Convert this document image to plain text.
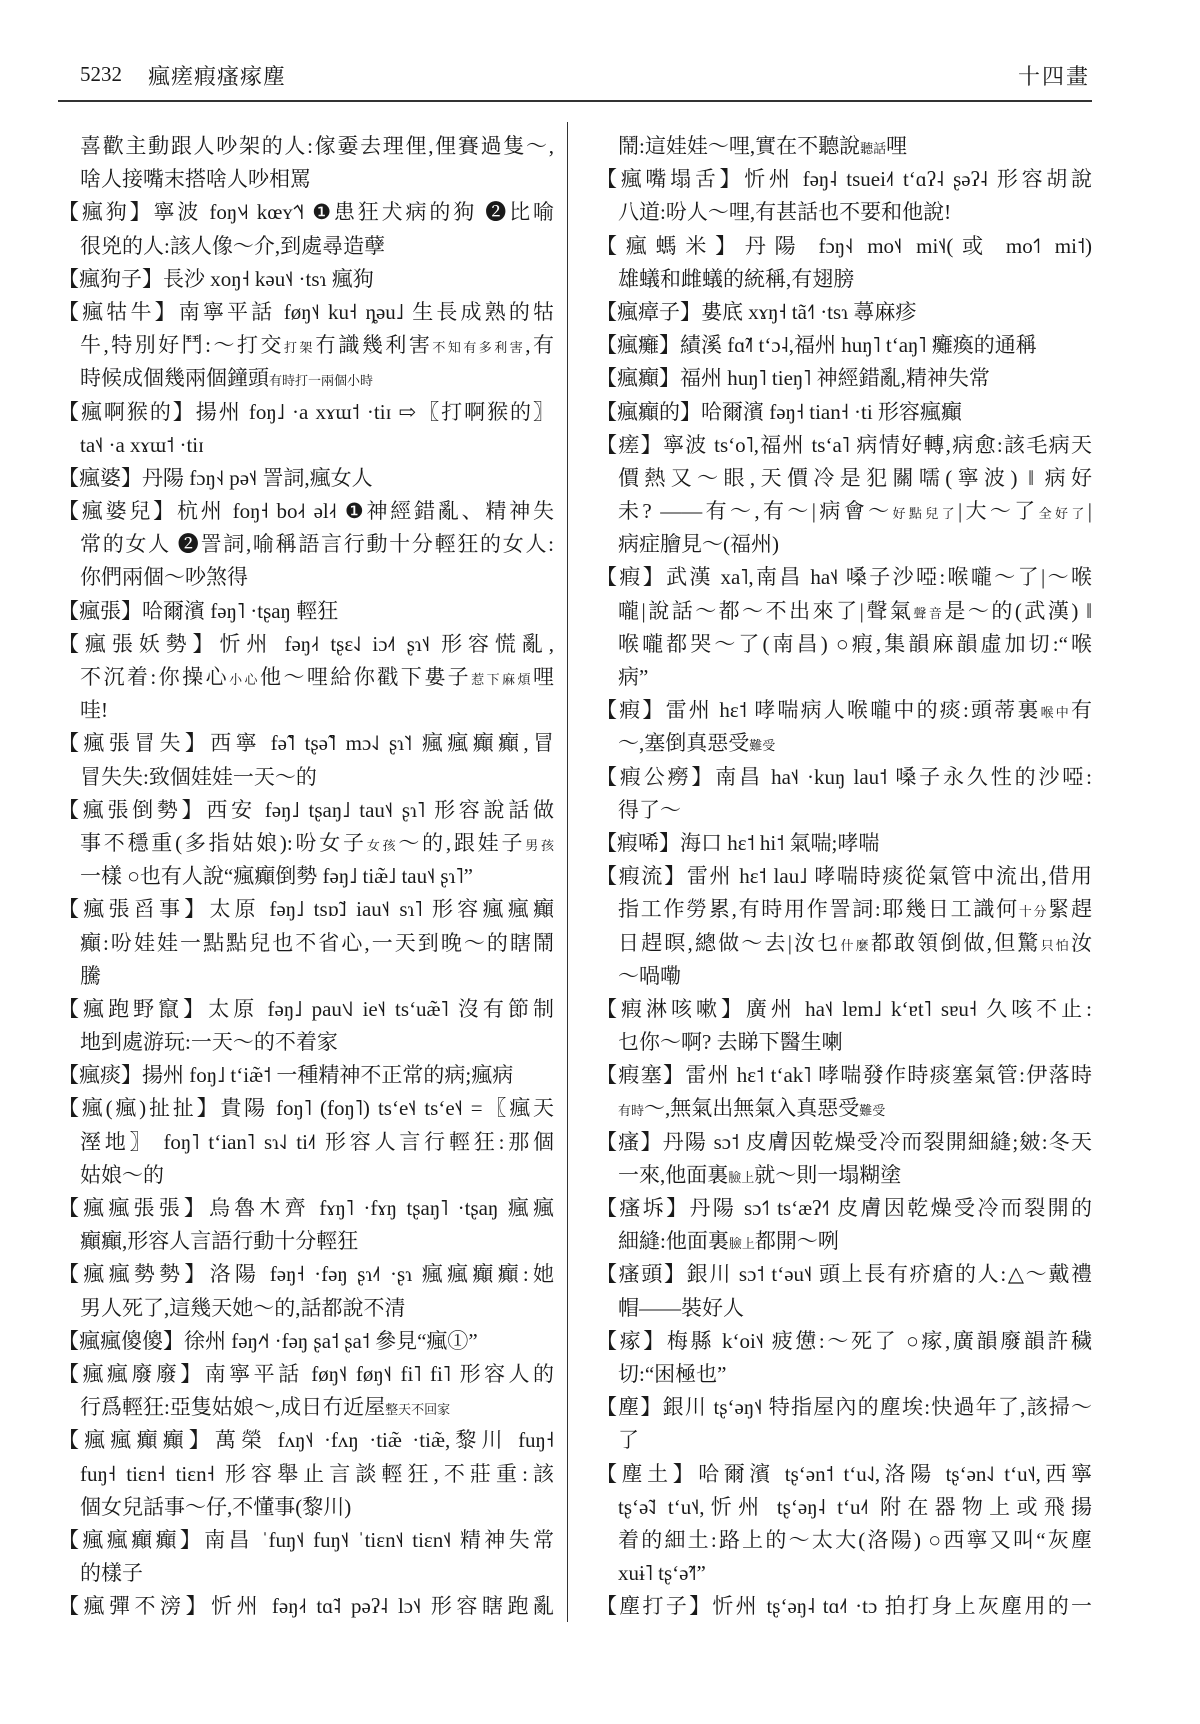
5232 瘋瘥瘕瘙瘃塵	十四畫
喜歡主動跟人吵架的人:傢嫑去理俚,俚賽過隻～,
啥人接嘴末搭啥人吵相罵
【瘋狗】寧波 foŋ˦˨˧ kœʏ˦˥˧ ❶患狂犬病的狗 ❷比喻
很兇的人:該人像～介,到處尋造孽
【瘋狗子】長沙 xoŋ˧ kəu˦˨ ·tsɿ 瘋狗
【瘋牯牛】南寧平話 føŋ˦˨ ku˧ ȵəu˩ 生長成熟的牯
牛,特別好鬥:～打交打架冇識幾利害不知有多利害,有
時候成個幾兩個鐘頭有時打一兩個小時
【瘋啊猴的】揚州 foŋ˩ ·a xɤɯ˦ ·tiɪ ⇨〖打啊猴的〗
ta˦˨ ·a xɤɯ˦ ·tiɪ
【瘋婆】丹陽 fɔŋ˧˨ pə˦˨ 詈詞,瘋女人
【瘋婆兒】杭州 foŋ˧ bo˨˧ əl˨˧ ❶神經錯亂、精神失
常的女人 ❷詈詞,喻稱語言行動十分輕狂的女人:
你們兩個～吵煞得
【瘋張】哈爾濱 fəŋ˥ ·tʂaŋ 輕狂
【瘋張妖勢】忻州 fəŋ˨˧ tʂɛ˨˩ iɔ˨˦ ʂɿ˦˨ 形容慌亂,
不沉着:你操心小心他～哩給你戳下婁子惹下麻煩哩
哇!
【瘋張冒失】西寧 fə̃˥ tʂə̃˥ mɔ˨˩ ʂɿ˥˦ 瘋瘋癲癲,冒
冒失失:致個娃娃一天～的
【瘋張倒勢】西安 fəŋ˩ tʂaŋ˩ tau˦˨ ʂɿ˥ 形容說話做
事不穩重(多指姑娘):吩女子女孩～的,跟娃子男孩
一樣 ○也有人說“瘋癲倒勢 fəŋ˩ tiæ̃˩ tau˦˨ ʂɿ˥”
【瘋張舀事】太原 fəŋ˩ tsɒ̃˩ iau˦˨ sɿ˥ 形容瘋瘋癲
癲:吩娃娃一點點兒也不省心,一天到晚～的瞎鬧
騰
【瘋跑野竄】太原 fəŋ˩ pau˦˨˩ ie˦˨ tsʻuæ̃˥ 沒有節制
地到處游玩:一天～的不着家
【瘋痰】揚州 foŋ˩ tʻiæ̃˦ 一種精神不正常的病;瘋病
【瘋(瘋)扯扯】貴陽 foŋ˥ (foŋ˥) tsʻe˦˨ tsʻe˦˨ =〖瘋天
溼地〗 foŋ˥ tʻian˥ sɿ˨˩ ti˨˦ 形容人言行輕狂:那個
姑娘～的
【瘋瘋張張】烏魯木齊 fɤŋ˥ ·fɤŋ tʂaŋ˥ ·tʂaŋ 瘋瘋
癲癲,形容人言語行動十分輕狂
【瘋瘋勢勢】洛陽 fəŋ˧ ·fəŋ ʂɿ˨˦ ·ʂɿ 瘋瘋癲癲:她
男人死了,這幾天她～的,話都說不清
【瘋瘋傻傻】徐州 fəŋ˨˦˧ ·fəŋ ʂa˦ ʂa˦ 參見“瘋①”
【瘋瘋廢廢】南寧平話 føŋ˦˨ føŋ˦˨ fi˥ fi˥ 形容人的
行爲輕狂:亞隻姑娘～,成日冇近屋整天不回家
【瘋瘋癲癲】萬榮 fʌŋ˦˨ ·fʌŋ ·tiæ̃ ·tiæ̃,黎川 fuŋ˧
fuŋ˧ tiɛn˧ tiɛn˧ 形容舉止言談輕狂,不莊重:該
個女兒話事～仔,不懂事(黎川)
【瘋瘋癲癲】南昌 ˈfuŋ˦˨ fuŋ˦˨ ˈtiɛn˦˨ tiɛn˦˨ 精神失常
的樣子
【瘋彈不滂】忻州 fəŋ˨˧ tɑ̃˨ pəʔ˨ lɔ˦˨ 形容瞎跑亂
鬧:這娃娃～哩,實在不聽說聽話哩
【瘋嘴塌舌】忻州 fəŋ˨ tsuei˨˦ tʻɑʔ˨ ʂəʔ˨ 形容胡說
八道:吩人～哩,有甚話也不要和他說!
【瘋螞米】丹陽 fɔŋ˧˨ mo˦˨ mi˦˨(或 mo˦˥ mi˦)
雄蟻和雌蟻的統稱,有翅膀
【瘋瘴子】婁底 xɤŋ˧ tã˧˥ ·tsɿ 蕁麻疹
【瘋癱】績溪 fɑ̃˨˥ tʻɔ˨,福州 huŋ˥ tʻaŋ˥ 癱瘓的通稱
【瘋癲】福州 huŋ˥ tieŋ˥ 神經錯亂,精神失常
【瘋癲的】哈爾濱 fəŋ˧ tian˧ ·ti 形容瘋癲
【瘥】寧波 tsʻo˥,福州 tsʻa˥ 病情好轉,病愈:該毛病天
價熱又～眼,天價冷是犯關嚅(寧波) ‖ 病好
未? ——有～,有～|病會～好點兒了|大～了全好了|
病症膾見～(福州)
【瘕】武漢 xa˥,南昌 ha˦˨ 嗓子沙啞:喉嚨～了|～喉
嚨|說話～都～不出來了|聲氣聲音是～的(武漢) ‖
喉嚨都哭～了(南昌) ○瘕,集韻麻韻虛加切:“喉
病”
【瘕】雷州 hɛ˦ 哮喘病人喉嚨中的痰:頭蒂裏喉中有
～,塞倒真惡受難受
【瘕公癆】南昌 ha˦˨ ·kuŋ lau˦ 嗓子永久性的沙啞:
得了～
【瘕唏】海口 hɛ˦ hi˦ 氣喘;哮喘
【瘕流】雷州 hɛ˦ lau˩ 哮喘時痰從氣管中流出,借用
指工作勞累,有時用作詈詞:耶幾日工識何十分緊趕
日趕暝,總做～去|汝乜什麼都敢領倒做,但驚只怕汝
～喎嘞
【瘕淋咳嗽】廣州 ha˦˨ lɐm˩ kʻɐt˥ sɐu˧ 久咳不止:
乜你～啊? 去睇下醫生喇
【瘕塞】雷州 hɛ˦ tʻak˥ 哮喘發作時痰塞氣管:伊落時
有時～,無氣出無氣入真惡受難受
【瘙】丹陽 sɔ˦ 皮膚因乾燥受冷而裂開細縫;皴:冬天
一來,他面裏臉上就～則一塌糊塗
【瘙坼】丹陽 sɔ˦˥ tsʻæʔ˧˥ 皮膚因乾燥受冷而裂開的
細縫:他面裏臉上都開～咧
【瘙頭】銀川 sɔ˦ tʻəu˦˨ 頭上長有疥瘡的人:△～戴禮
帽——裝好人
【瘃】梅縣 kʻoi˦˨ 疲憊:～死了 ○瘃,廣韻廢韻許穢
切:“困極也”
【塵】銀川 tʂʻəŋ˦˨ 特指屋內的塵埃:快過年了,該掃～
了
【塵土】哈爾濱 tʂʻən˦ tʻu˨˩,洛陽 tʂʻən˨˩ tʻu˦˨,西寧
tʂʻə̃˨˩ tʻu˦˨,忻州 tʂʻəŋ˨ tʻu˨˦ 附在器物上或飛揚
着的細土:路上的～太大(洛陽) ○西寧又叫“灰塵
xuɨ˥ tʂʻə̃˧˥”
【塵打子】忻州 tʂʻəŋ˨ tɑ˨˦ ·tɔ 拍打身上灰塵用的一
